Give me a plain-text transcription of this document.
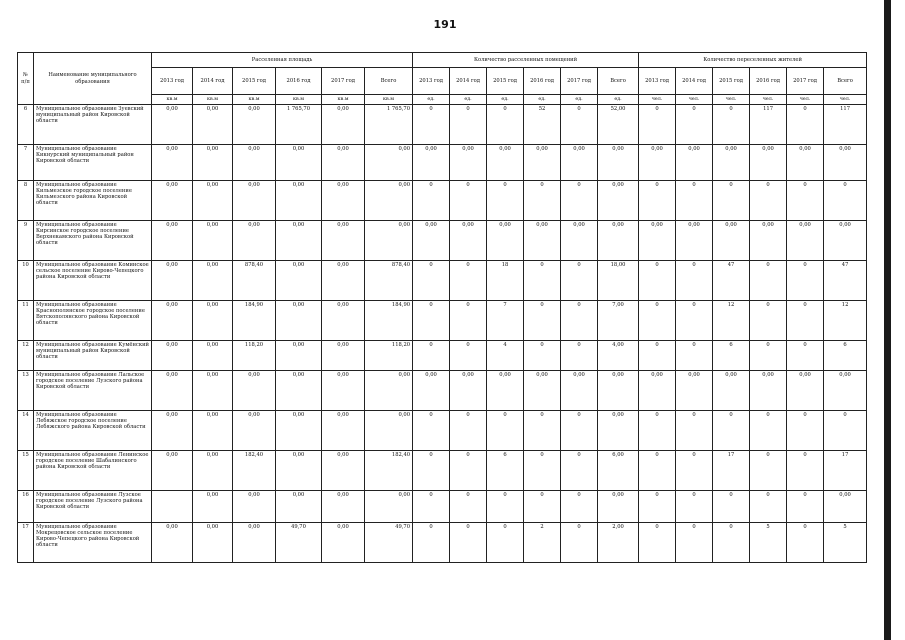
191
№ п/п	Наименование муниципального образования	Расселенная площадь						Количество расселенных помещений						Количество переселенных жителей					
		2013 год	2014 год	2015 год	2016 год	2017 год	Всего	2013 год	2014 год	2015 год	2016 год	2017 год	Всего	2013 год	2014 год	2015 год	2016 год	2017 год	Всего
		кв.м	кв.м	кв.м	кв.м	кв.м	кв.м	ед.	ед.	ед.	ед.	ед.	ед.	чел.	чел.	чел.	чел.	чел.	чел.
6	Муниципальное образование Зуевский муниципальный район Кировской области	0,00	0,00	0,00	1 765,70	0,00	1 765,70	0	0	0	52	0	52,00	0	0	0	117	0	117
7	Муниципальное образование Кикнурский муниципальный район Кировской области	0,00	0,00	0,00	0,00	0,00	0,00	0,00	0,00	0,00	0,00	0,00	0,00	0,00	0,00	0,00	0,00	0,00	0,00
8	Муниципальное образование Кильмезское городское поселение Кильмезского района Кировской области	0,00	0,00	0,00	0,00	0,00	0,00	0	0	0	0	0	0,00	0	0	0	0	0	0
9	Муниципальное образование Кирсинское городское поселение Верхнекамского района Кировской области	0,00	0,00	0,00	0,00	0,00	0,00	0,00	0,00	0,00	0,00	0,00	0,00	0,00	0,00	0,00	0,00	0,00	0,00
10	Муниципальное образование Коминское сельское поселение Кирово-Чепецкого района Кировской области	0,00	0,00	878,40	0,00	0,00	878,40	0	0	18	0	0	18,00	0	0	47	0	0	47
11	Муниципальное образование Краснополянское городское поселение Вятскополянского района Кировской области	0,00	0,00	184,90	0,00	0,00	184,90	0	0	7	0	0	7,00	0	0	12	0	0	12
12	Муниципальное образование Кумёнский муниципальный район Кировской области	0,00	0,00	118,20	0,00	0,00	118,20	0	0	4	0	0	4,00	0	0	6	0	0	6
13	Муниципальное образование Лальское городское поселение Лузского района Кировской области	0,00	0,00	0,00	0,00	0,00	0,00	0,00	0,00	0,00	0,00	0,00	0,00	0,00	0,00	0,00	0,00	0,00	0,00
14	Муниципальное образование Лебяжское городское поселение Лебяжского района Кировской области	0,00	0,00	0,00	0,00	0,00	0,00	0	0	0	0	0	0,00	0	0	0	0	0	0
15	Муниципальное образование Ленинское городское поселение Шабалинского района Кировской области	0,00	0,00	182,40	0,00	0,00	182,40	0	0	6	0	0	6,00	0	0	17	0	0	17
16	Муниципальное образование Лузское городское поселение Лузского района Кировской области		0,00	0,00	0,00	0,00	0,00	0	0	0	0	0	0,00	0	0	0	0	0	0,00
17	Муниципальное образование Мокрецовское сельское поселение Кирово-Чепецкого района Кировской области	0,00	0,00	0,00	49,70	0,00	49,70	0	0	0	2	0	2,00	0	0	0	5	0	5
